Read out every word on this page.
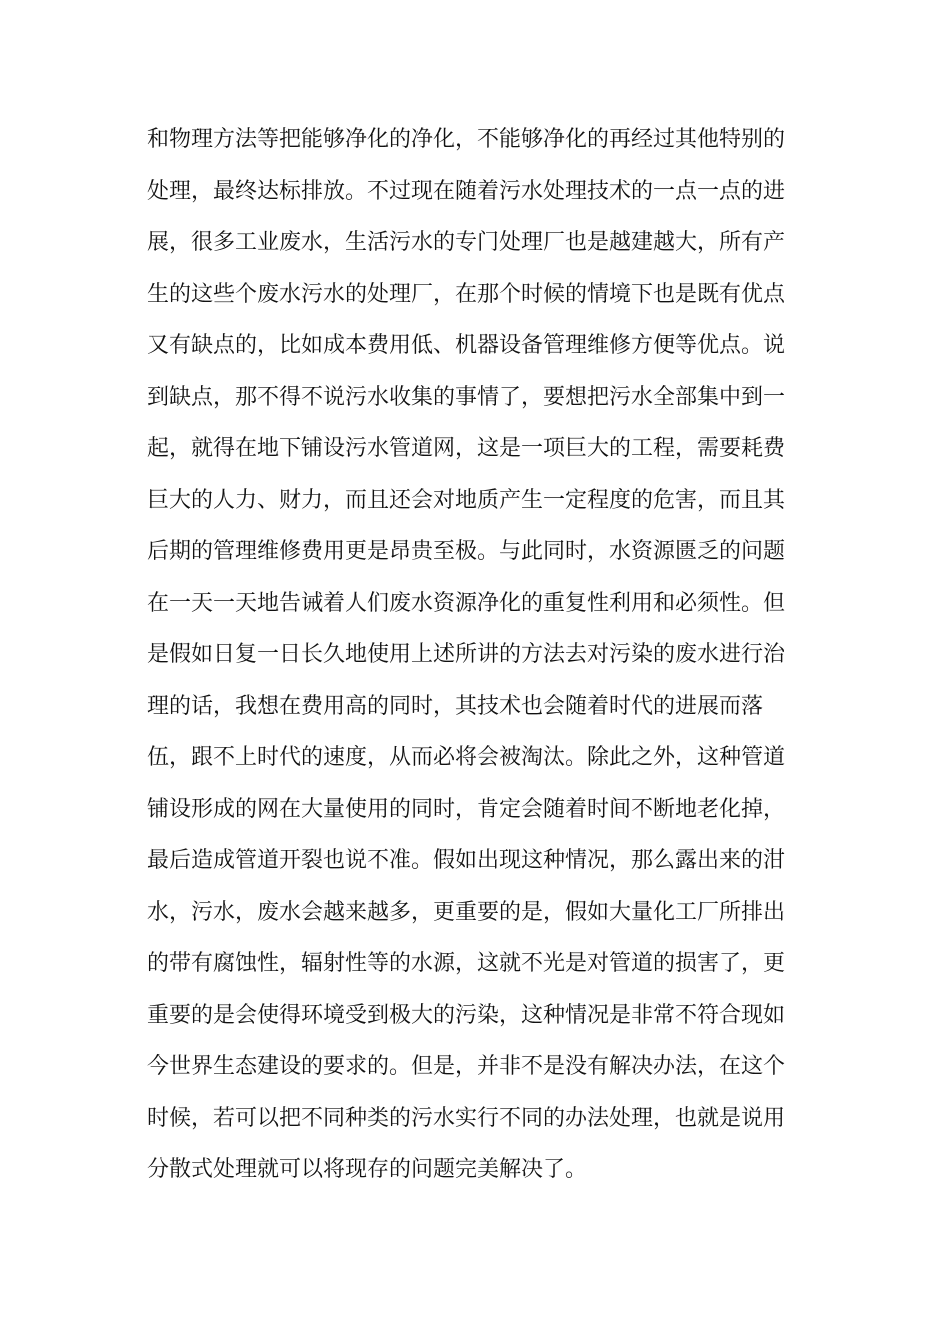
和物理方法等把能够净化的净化，不能够净化的再经过其他特别的
处理，最终达标排放。不过现在随着污水处理技术的一点一点的进
展，很多工业废水，生活污水的专门处理厂也是越建越大，所有产
生的这些个废水污水的处理厂，在那个时候的情境下也是既有优点
又有缺点的，比如成本费用低、机器设备管理维修方便等优点。说
到缺点，那不得不说污水收集的事情了，要想把污水全部集中到一
起，就得在地下铺设污水管道网，这是一项巨大的工程，需要耗费
巨大的人力、财力，而且还会对地质产生一定程度的危害，而且其
后期的管理维修费用更是昂贵至极。与此同时，水资源匮乏的问题
在一天一天地告诫着人们废水资源净化的重复性利用和必须性。但
是假如日复一日长久地使用上述所讲的方法去对污染的废水进行治
理的话，我想在费用高的同时，其技术也会随着时代的进展而落
伍，跟不上时代的速度，从而必将会被淘汰。除此之外，这种管道
铺设形成的网在大量使用的同时，肯定会随着时间不断地老化掉，
最后造成管道开裂也说不准。假如出现这种情况，那么露出来的泔
水，污水，废水会越来越多，更重要的是，假如大量化工厂所排出
的带有腐蚀性，辐射性等的水源，这就不光是对管道的损害了，更
重要的是会使得环境受到极大的污染，这种情况是非常不符合现如
今世界生态建设的要求的。但是，并非不是没有解决办法，在这个
时候，若可以把不同种类的污水实行不同的办法处理，也就是说用
分散式处理就可以将现存的问题完美解决了。
